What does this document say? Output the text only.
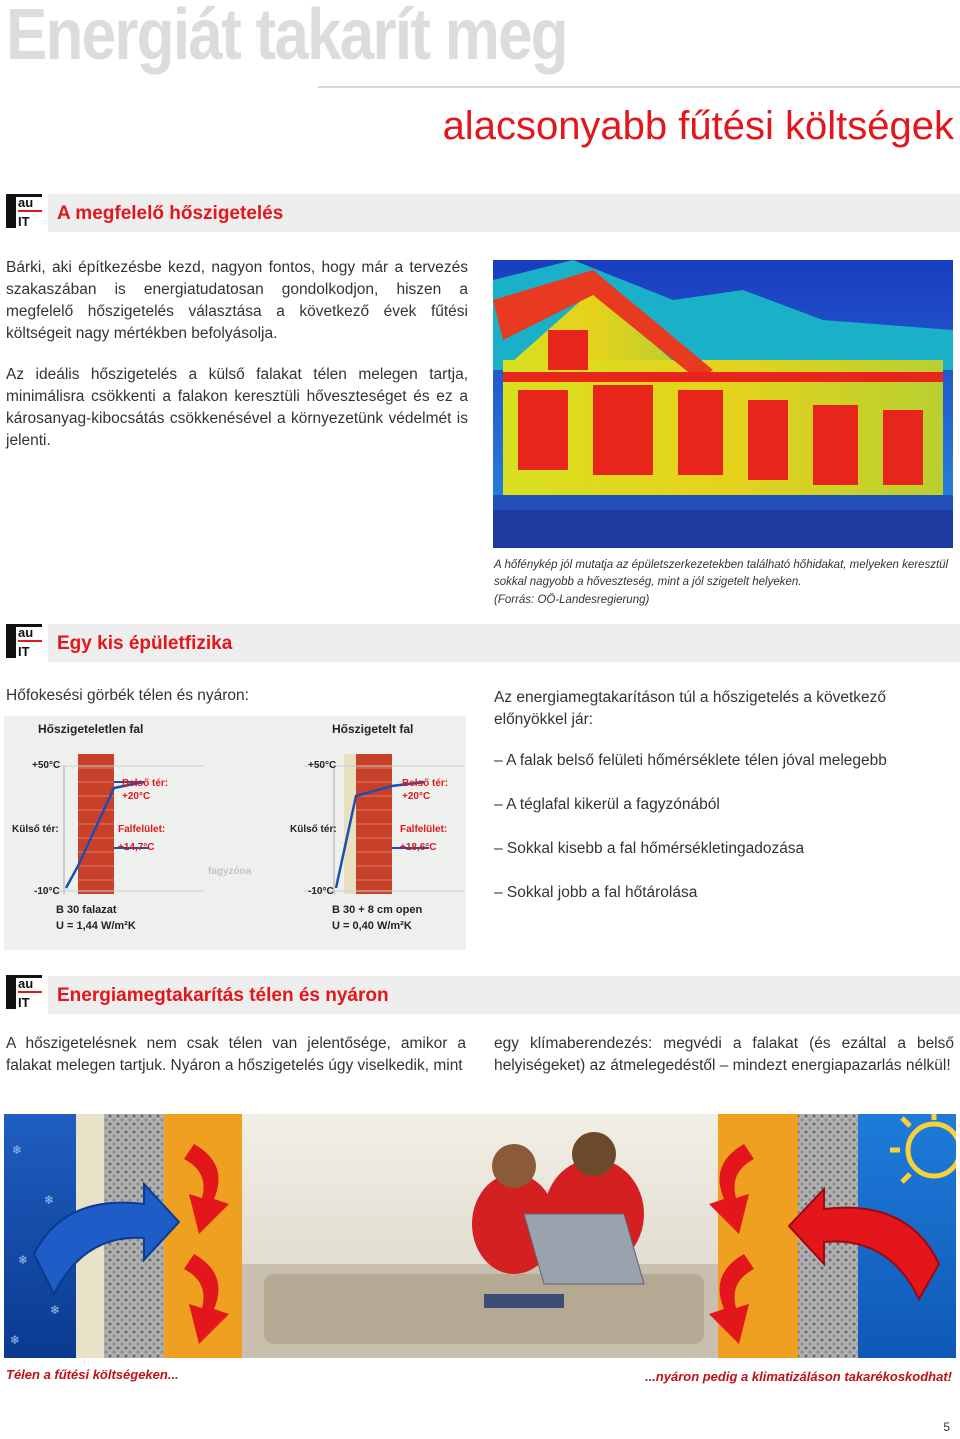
Energiát takarít meg
alacsonyabb fűtési költségek
A megfelelő hőszigetelés
Bárki, aki építkezésbe kezd, nagyon fontos, hogy már a tervezés szakaszában is energiatudatosan gondolkodjon, hiszen a megfelelő hőszigetelés választása a következő évek fűtési költségeit nagy mértékben befolyásolja.
Az ideális hőszigetelés a külső falakat télen melegen tartja, minimálisra csökkenti a falakon keresztüli hőveszteséget és ez a károsanyag-kibocsátás csökkenésével a környezetünk védelmét is jelenti.
A hőfénykép jól mutatja az épületszerkezetekben található hőhidakat, melyeken keresztül sokkal nagyobb a hőveszteség, mint a jól szigetelt helyeken.
(Forrás: OÖ-Landesregierung)
Egy kis épületfizika
Hőfokesési görbék télen és nyáron:	Az energiamegtakarításon túl a hőszigetelés a következő előnyökkel jár:
– A falak belső felületi hőmérséklete télen jóval melegebb
– A téglafal kikerül a fagyzónából
– Sokkal kisebb a fal hőmérsékletingadozása
– Sokkal jobb a fal hőtárolása
Hőszigeteletlen fal	Hőszigetelt fal
+50°C	+50°C
Belső tér:
+20°C
Belső tér:
+20°C
Külső tér:	Külső tér:
Falfelület:
+14,7°C
Falfelület:
+18,6°C
fagyzóna
-10°C	-10°C
B 30 falazat
U = 1,44 W/m²K
B 30 + 8 cm open
U = 0,40 W/m²K
Energiamegtakarítás télen és nyáron
A hőszigetelésnek nem csak télen van jelentősége, amikor a falakat melegen tartjuk. Nyáron a hőszigetelés úgy viselkedik, mint
egy klímaberendezés: megvédi a falakat (és ezáltal a belső helyiségeket) az átmelegedéstől – mindezt energiapazarlás nélkül!
❄
❄
❄
❄
❄
Télen a fűtési költségeken...	...nyáron pedig a klimatizáláson takarékoskodhat!
5
